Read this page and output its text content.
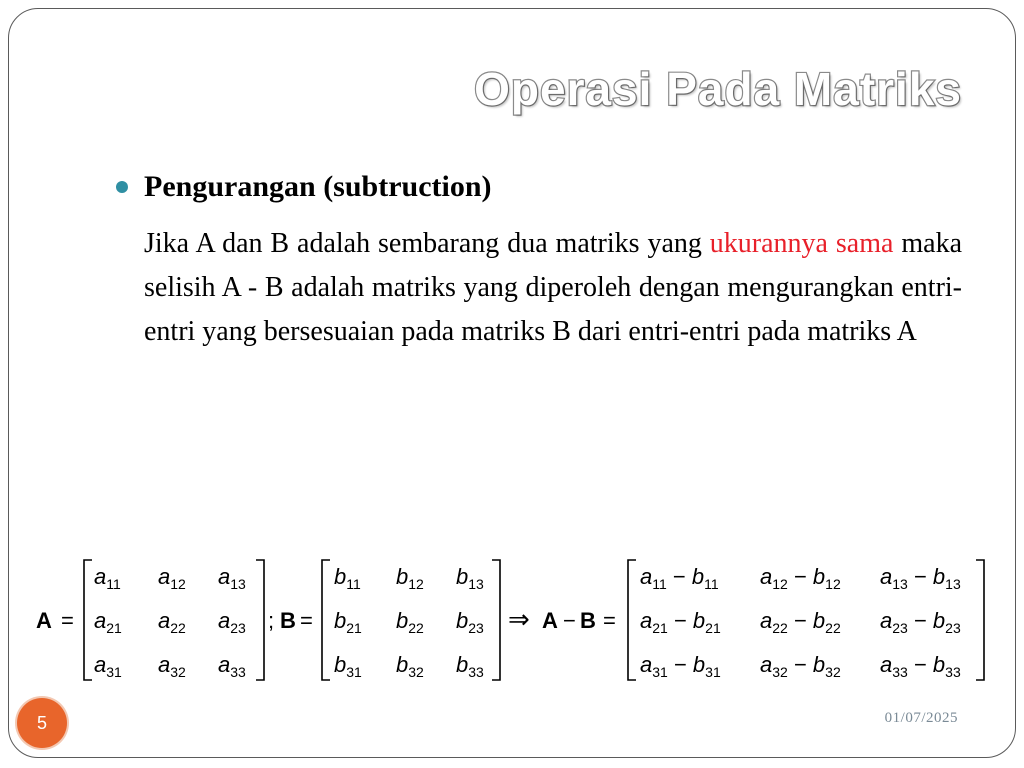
Operasi Pada Matriks
Pengurangan (subtruction)
Jika A dan B adalah sembarang dua matriks yang ukurannya sama maka selisih A - B adalah matriks yang diperoleh dengan mengurangkan entri-entri yang bersesuaian pada matriks B dari entri-entri pada matriks A
A =
$a_{11}$ $a_{12}$ $a_{13}$
$a_{21}$ $a_{22}$ $a_{23}$
$a_{31}$ $a_{32}$ $a_{33}$
; B =
$b_{11}$ $b_{12}$ $b_{13}$
$b_{21}$ $b_{22}$ $b_{23}$
$b_{31}$ $b_{32}$ $b_{33}$
⇒ A − B =
$a_{11} - b_{11}$ $a_{12} - b_{12}$ $a_{13} - b_{13}$
$a_{21} - b_{21}$ $a_{22} - b_{22}$ $a_{23} - b_{23}$
$a_{31} - b_{31}$ $a_{32} - b_{32}$ $a_{33} - b_{33}$
5	01/07/2025
